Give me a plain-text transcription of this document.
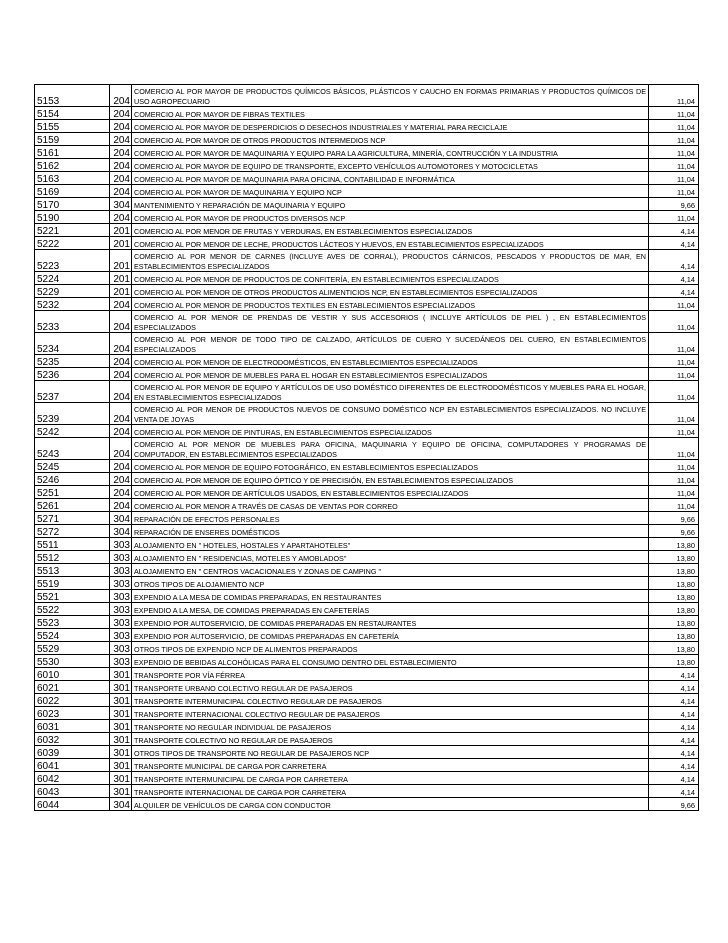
5153	204	COMERCIO AL POR MAYOR DE PRODUCTOS QUÍMICOS BÁSICOS, PLÁSTICOS Y CAUCHO EN FORMAS PRIMARIAS Y PRODUCTOS QUÍMICOS DE USO AGROPECUARIO	11,04
5154	204	COMERCIO AL POR MAYOR DE FIBRAS TEXTILES	11,04
5155	204	COMERCIO AL POR MAYOR DE DESPERDICIOS O DESECHOS INDUSTRIALES Y MATERIAL PARA RECICLAJE	11,04
5159	204	COMERCIO AL POR MAYOR DE OTROS PRODUCTOS INTERMEDIOS NCP	11,04
5161	204	COMERCIO AL POR MAYOR DE MAQUINARIA Y EQUIPO PARA LA AGRICULTURA, MINERÍA, CONTRUCCIÓN Y LA INDUSTRIA	11,04
5162	204	COMERCIO AL POR MAYOR DE EQUIPO DE TRANSPORTE, EXCEPTO VEHÍCULOS AUTOMOTORES Y MOTOCICLETAS	11,04
5163	204	COMERCIO AL POR MAYOR DE MAQUINARIA PARA OFICINA, CONTABILIDAD E INFORMÁTICA	11,04
5169	204	COMERCIO AL POR MAYOR DE MAQUINARIA Y EQUIPO NCP	11,04
5170	304	MANTENIMIENTO Y REPARACIÓN DE MAQUINARIA Y EQUIPO	9,66
5190	204	COMERCIO AL POR MAYOR DE PRODUCTOS DIVERSOS NCP	11,04
5221	201	COMERCIO AL POR MENOR DE FRUTAS Y VERDURAS, EN ESTABLECIMIENTOS ESPECIALIZADOS	4,14
5222	201	COMERCIO AL POR MENOR DE LECHE, PRODUCTOS LÁCTEOS Y HUEVOS, EN ESTABLECIMIENTOS ESPECIALIZADOS	4,14
5223	201	COMERCIO AL POR MENOR DE CARNES (INCLUYE AVES DE CORRAL), PRODUCTOS CÁRNICOS, PESCADOS Y PRODUCTOS DE MAR, EN ESTABLECIMIENTOS ESPECIALIZADOS	4,14
5224	201	COMERCIO AL POR MENOR DE PRODUCTOS DE CONFITERÍA, EN ESTABLECIMIENTOS ESPECIALIZADOS	4,14
5229	201	COMERCIO AL POR MENOR DE OTROS PRODUCTOS ALIMENTICIOS NCP, EN ESTABLECIMIENTOS ESPECIALIZADOS	4,14
5232	204	COMERCIO AL POR MENOR DE PRODUCTOS TEXTILES EN ESTABLECIMIENTOS ESPECIALIZADOS	11,04
5233	204	COMERCIO AL POR MENOR DE PRENDAS DE VESTIR Y SUS ACCESORIOS ( INCLUYE ARTÍCULOS DE PIEL ) , EN ESTABLECIMIENTOS ESPECIALIZADOS	11,04
5234	204	COMERCIO AL POR MENOR DE TODO TIPO DE CALZADO, ARTÍCULOS DE CUERO Y SUCEDÁNEOS DEL CUERO, EN ESTABLECIMIENTOS ESPECIALIZADOS	11,04
5235	204	COMERCIO AL POR MENOR DE ELECTRODOMÉSTICOS, EN ESTABLECIMIENTOS ESPECIALIZADOS	11,04
5236	204	COMERCIO AL POR MENOR DE MUEBLES PARA EL HOGAR EN ESTABLECIMIENTOS ESPECIALIZADOS	11,04
5237	204	COMERCIO AL POR MENOR DE EQUIPO Y ARTÍCULOS DE USO DOMÉSTICO DIFERENTES DE ELECTRODOMÉSTICOS Y MUEBLES PARA EL HOGAR, EN ESTABLECIMIENTOS ESPECIALIZADOS	11,04
5239	204	COMERCIO AL POR MENOR DE PRODUCTOS NUEVOS DE CONSUMO DOMÉSTICO NCP EN ESTABLECIMIENTOS ESPECIALIZADOS. NO INCLUYE VENTA DE JOYAS	11,04
5242	204	COMERCIO AL POR MENOR DE PINTURAS, EN ESTABLECIMIENTOS ESPECIALIZADOS	11,04
5243	204	COMERCIO AL POR MENOR DE MUEBLES PARA OFICINA, MAQUINARIA Y EQUIPO DE OFICINA, COMPUTADORES Y PROGRAMAS DE COMPUTADOR, EN ESTABLECIMIENTOS ESPECIALIZADOS	11,04
5245	204	COMERCIO AL POR MENOR DE EQUIPO FOTOGRÁFICO, EN ESTABLECIMIENTOS ESPECIALIZADOS	11,04
5246	204	COMERCIO AL POR MENOR DE EQUIPO ÓPTICO Y DE PRECISIÓN, EN ESTABLECIMIENTOS ESPECIALIZADOS	11,04
5251	204	COMERCIO AL POR MENOR DE ARTÍCULOS USADOS, EN ESTABLECIMIENTOS ESPECIALIZADOS	11,04
5261	204	COMERCIO AL POR MENOR A TRAVÉS DE CASAS DE VENTAS POR CORREO	11,04
5271	304	REPARACIÓN DE EFECTOS PERSONALES	9,66
5272	304	REPARACIÓN DE ENSERES DOMÉSTICOS	9,66
5511	303	ALOJAMIENTO EN " HOTELES, HOSTALES Y APARTAHOTELES"	13,80
5512	303	ALOJAMIENTO EN " RESIDENCIAS, MOTELES Y AMOBLADOS"	13,80
5513	303	ALOJAMIENTO EN " CENTROS VACACIONALES Y ZONAS DE CAMPING "	13,80
5519	303	OTROS TIPOS DE ALOJAMIENTO NCP	13,80
5521	303	EXPENDIO A LA MESA DE COMIDAS PREPARADAS, EN RESTAURANTES	13,80
5522	303	EXPENDIO A LA MESA, DE COMIDAS PREPARADAS EN CAFETERÍAS	13,80
5523	303	EXPENDIO POR AUTOSERVICIO, DE COMIDAS PREPARADAS EN RESTAURANTES	13,80
5524	303	EXPENDIO POR AUTOSERVICIO, DE COMIDAS PREPARADAS EN CAFETERÍA	13,80
5529	303	OTROS TIPOS DE EXPENDIO NCP DE ALIMENTOS PREPARADOS	13,80
5530	303	EXPENDIO DE BEBIDAS ALCOHÓLICAS PARA EL CONSUMO DENTRO DEL ESTABLECIMIENTO	13,80
6010	301	TRANSPORTE POR VÍA FÉRREA	4,14
6021	301	TRANSPORTE URBANO COLECTIVO REGULAR DE PASAJEROS	4,14
6022	301	TRANSPORTE INTERMUNICIPAL COLECTIVO REGULAR DE PASAJEROS	4,14
6023	301	TRANSPORTE INTERNACIONAL COLECTIVO REGULAR DE PASAJEROS	4,14
6031	301	TRANSPORTE NO REGULAR INDIVIDUAL DE PASAJEROS	4,14
6032	301	TRANSPORTE COLECTIVO NO REGULAR DE PASAJEROS	4,14
6039	301	OTROS TIPOS DE TRANSPORTE NO REGULAR DE PASAJEROS NCP	4,14
6041	301	TRANSPORTE MUNICIPAL DE CARGA POR CARRETERA	4,14
6042	301	TRANSPORTE INTERMUNICIPAL DE CARGA POR CARRETERA	4,14
6043	301	TRANSPORTE INTERNACIONAL DE CARGA POR CARRETERA	4,14
6044	304	ALQUILER DE VEHÍCULOS DE CARGA CON CONDUCTOR	9,66
